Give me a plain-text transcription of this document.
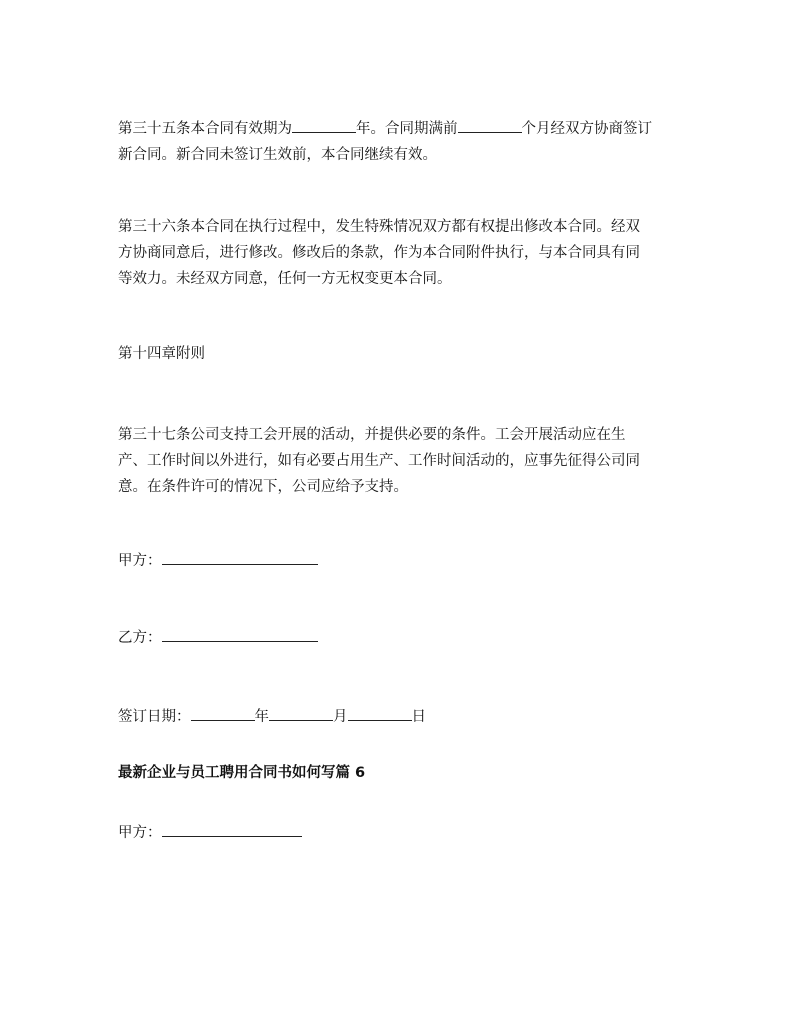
第三十五条本合同有效期为	年。合同期满前	个月经双方协商签订
新合同。新合同未签订生效前，本合同继续有效。

第三十六条本合同在执行过程中，发生特殊情况双方都有权提出修改本合同。经双
方协商同意后，进行修改。修改后的条款，作为本合同附件执行，与本合同具有同
等效力。未经双方同意，任何一方无权变更本合同。

第十四章附则

第三十七条公司支持工会开展的活动，并提供必要的条件。工会开展活动应在生
产、工作时间以外进行，如有必要占用生产、工作时间活动的，应事先征得公司同
意。在条件许可的情况下，公司应给予支持。

甲方：

乙方：

签订日期：	年	月	日

最新企业与员工聘用合同书如何写篇 6

甲方：
